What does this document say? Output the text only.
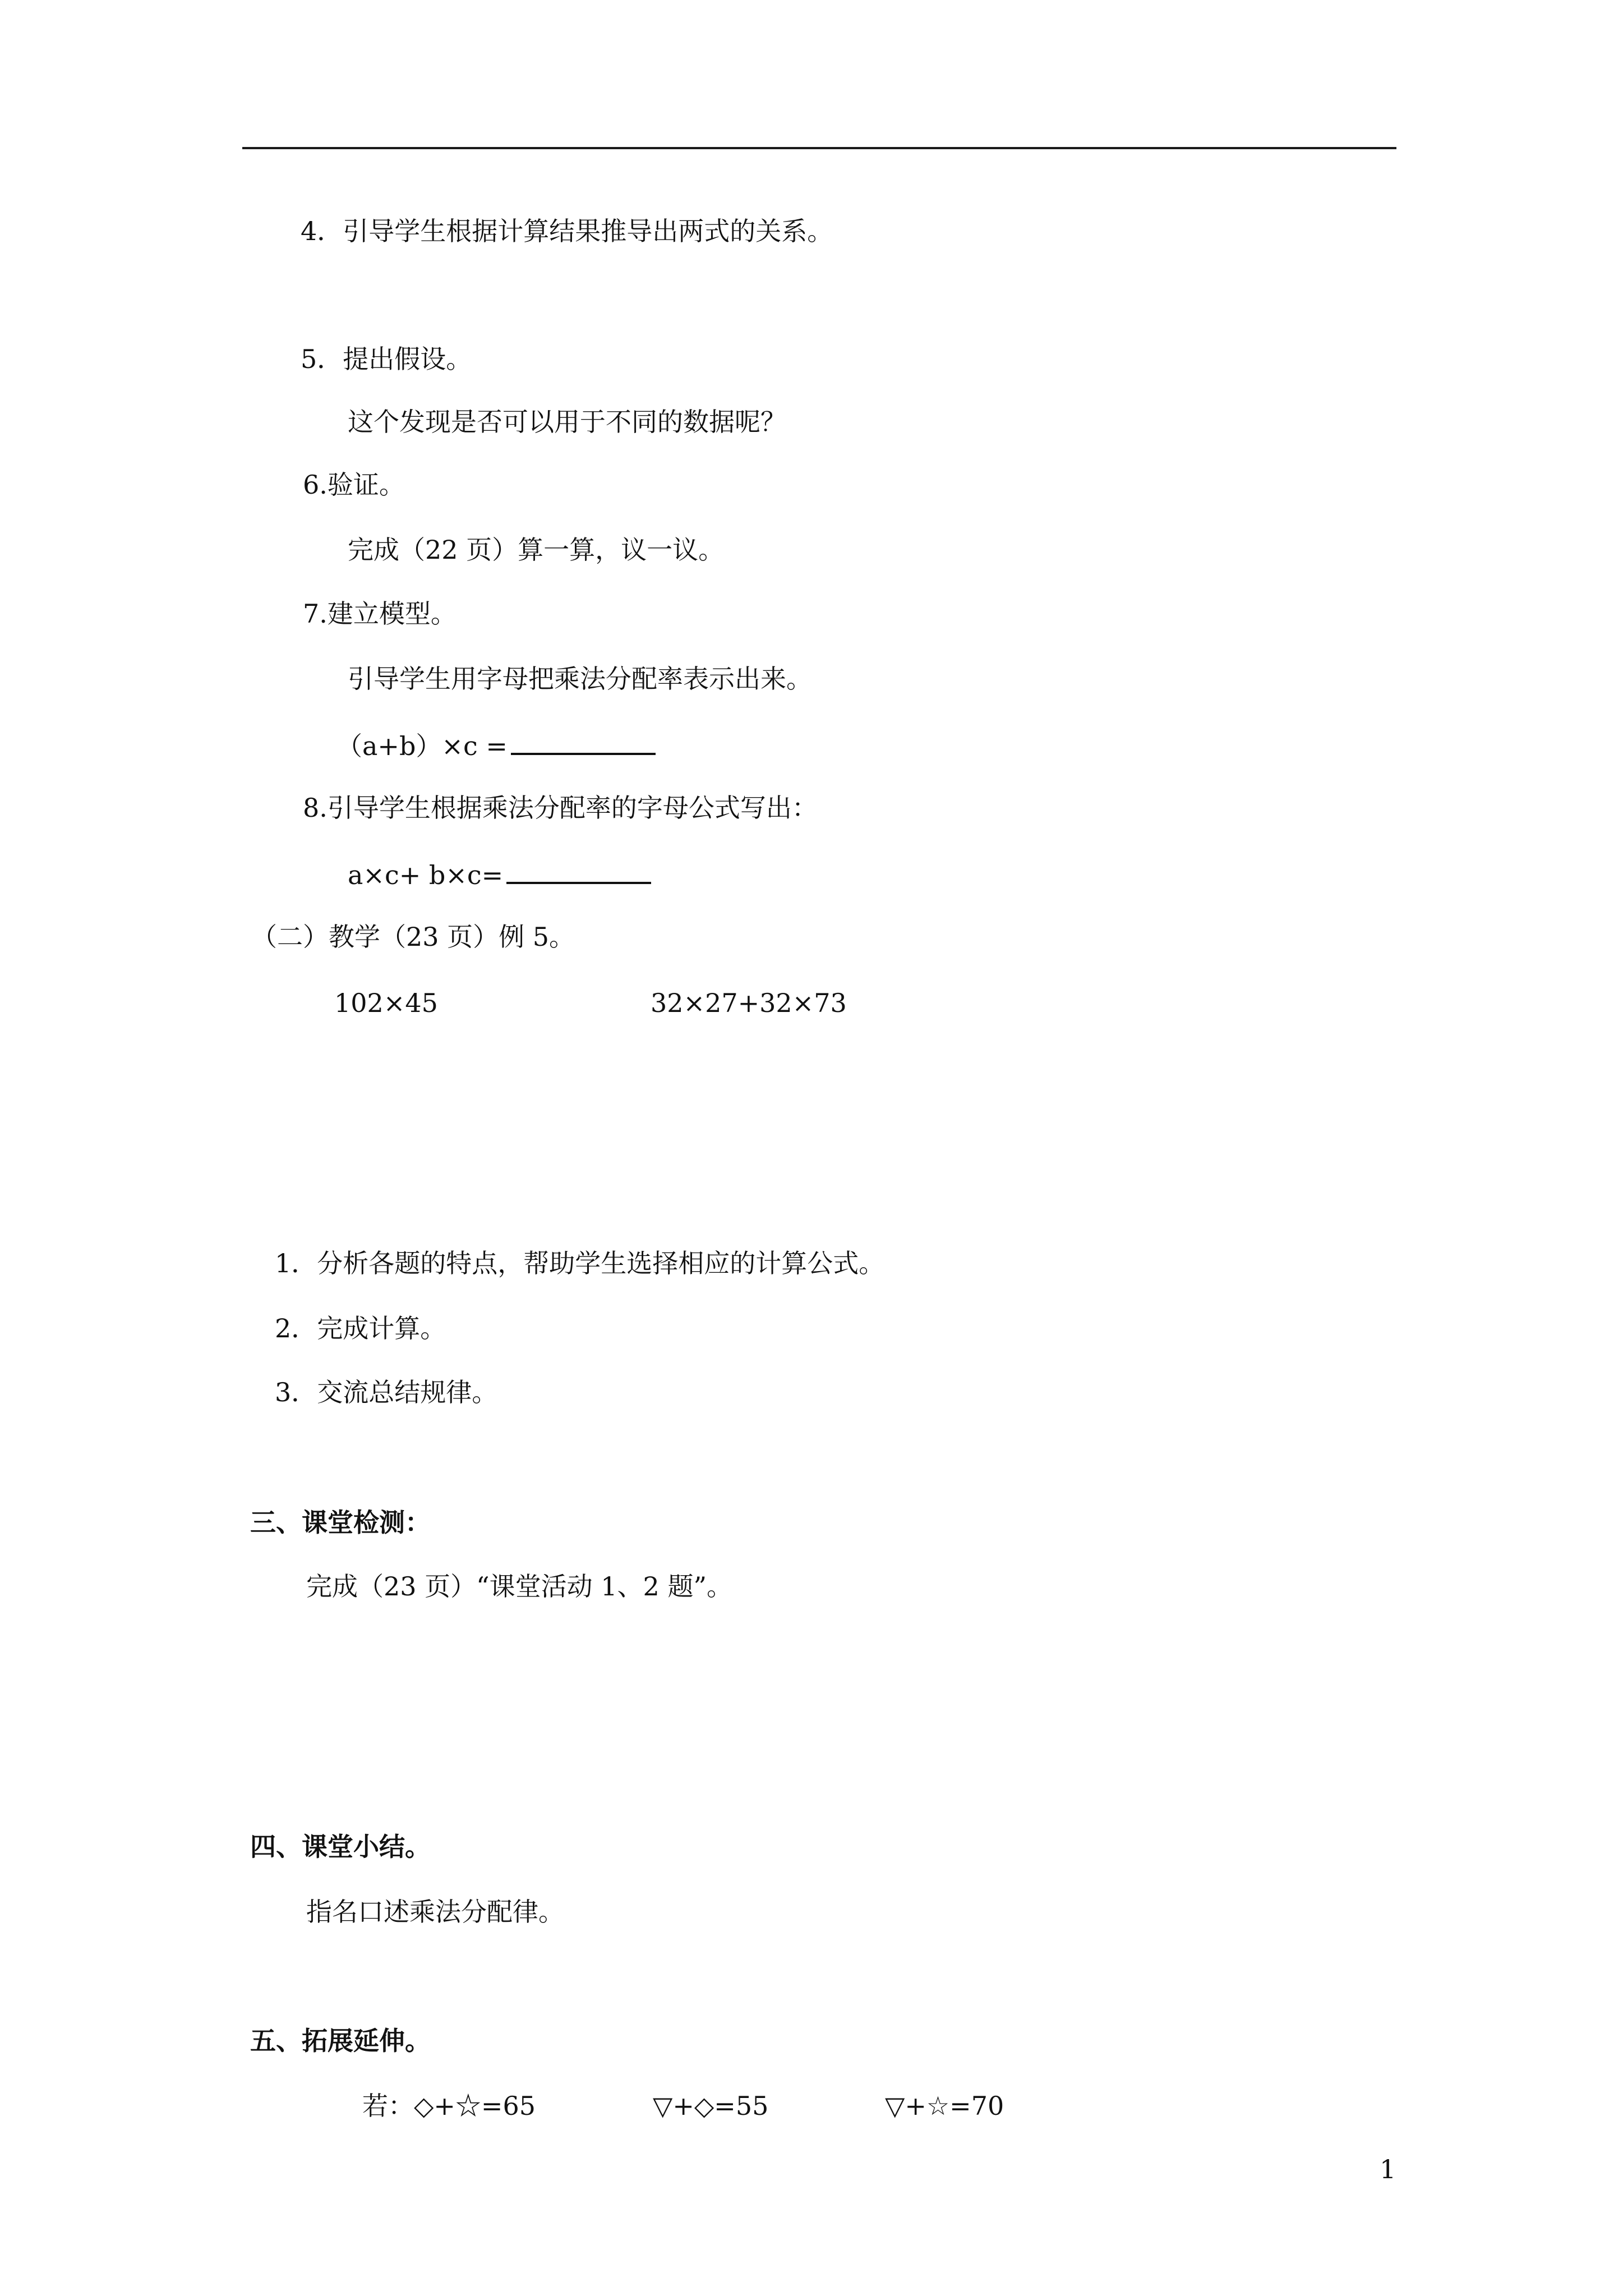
4．引导学生根据计算结果推导出两式的关系。
5．提出假设。
这个发现是否可以用于不同的数据呢？
6.验证。
完成（22 页）算一算，议一议。
7.建立模型。
引导学生用字母把乘法分配率表示出来。
（a+b）×c =
8.引导学生根据乘法分配率的字母公式写出：
a×c+ b×c=
（二）教学（23 页）例 5。
102×45	32×27+32×73
1．分析各题的特点，帮助学生选择相应的计算公式。
2．完成计算。
3．交流总结规律。
三、课堂检测：
完成（23 页）“课堂活动 1、2 题”。
四、课堂小结。
指名口述乘法分配律。
五、拓展延伸。
若：◇+☆=65	▽+◇=55	▽+☆=70
1
